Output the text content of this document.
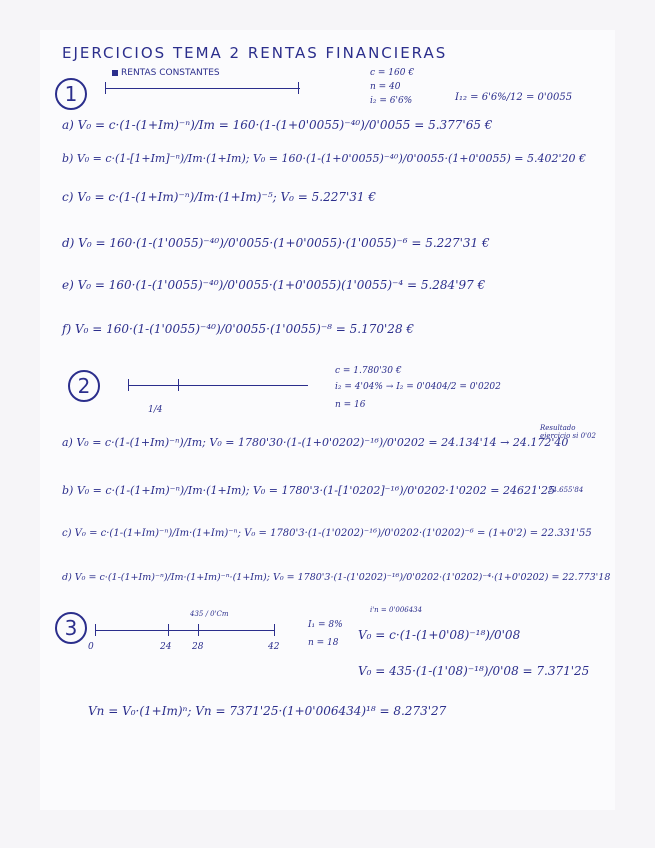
EJERCICIOS TEMA 2 RENTAS FINANCIERAS
RENTAS CONSTANTES
1
c = 160 €
n = 40
i₂ = 6'6%	I₁₂ = 6'6%/12 = 0'0055
a) V₀ = c·(1-(1+Im)⁻ⁿ)/Im = 160·(1-(1+0'0055)⁻⁴⁰)/0'0055 = 5.377'65 €
b) V₀ = c·(1-[1+Im]⁻ⁿ)/Im·(1+Im); V₀ = 160·(1-(1+0'0055)⁻⁴⁰)/0'0055·(1+0'0055) = 5.402'20 €
c) V₀ = c·(1-(1+Im)⁻ⁿ)/Im·(1+Im)⁻⁵; V₀ = 5.227'31 €
d) V₀ = 160·(1-(1'0055)⁻⁴⁰)/0'0055·(1+0'0055)·(1'0055)⁻⁶ = 5.227'31 €
e) V₀ = 160·(1-(1'0055)⁻⁴⁰)/0'0055·(1+0'0055)(1'0055)⁻⁴ = 5.284'97 €
f) V₀ = 160·(1-(1'0055)⁻⁴⁰)/0'0055·(1'0055)⁻⁸ = 5.170'28 €
2
1/4
c = 1.780'30 €
i₂ = 4'04% → I₂ = 0'0404/2 = 0'0202
n = 16
a) V₀ = c·(1-(1+Im)⁻ⁿ)/Im; V₀ = 1780'30·(1-(1+0'0202)⁻¹⁶)/0'0202 = 24.134'14 → 24.172'40
Resultado ejercicio si 0'02
b) V₀ = c·(1-(1+Im)⁻ⁿ)/Im·(1+Im); V₀ = 1780'3·(1-[1'0202]⁻¹⁶)/0'0202·1'0202 = 24621'25
24.655'84
c) V₀ = c·(1-(1+Im)⁻ⁿ)/Im·(1+Im)⁻ⁿ; V₀ = 1780'3·(1-(1'0202)⁻¹⁶)/0'0202·(1'0202)⁻⁶ = (1+0'2) = 22.331'55
d) V₀ = c·(1-(1+Im)⁻ⁿ)/Im·(1+Im)⁻ⁿ·(1+Im); V₀ = 1780'3·(1-(1'0202)⁻¹⁶)/0'0202·(1'0202)⁻⁴·(1+0'0202) = 22.773'18
3
435 / 0'Cm
0	24 28	42
I₁ = 8%
n = 18
i'n = 0'006434
V₀ = c·(1-(1+0'08)⁻¹⁸)/0'08
V₀ = 435·(1-(1'08)⁻¹⁸)/0'08 = 7.371'25
Vn = V₀·(1+Im)ⁿ; Vn = 7371'25·(1+0'006434)¹⁸ = 8.273'27
